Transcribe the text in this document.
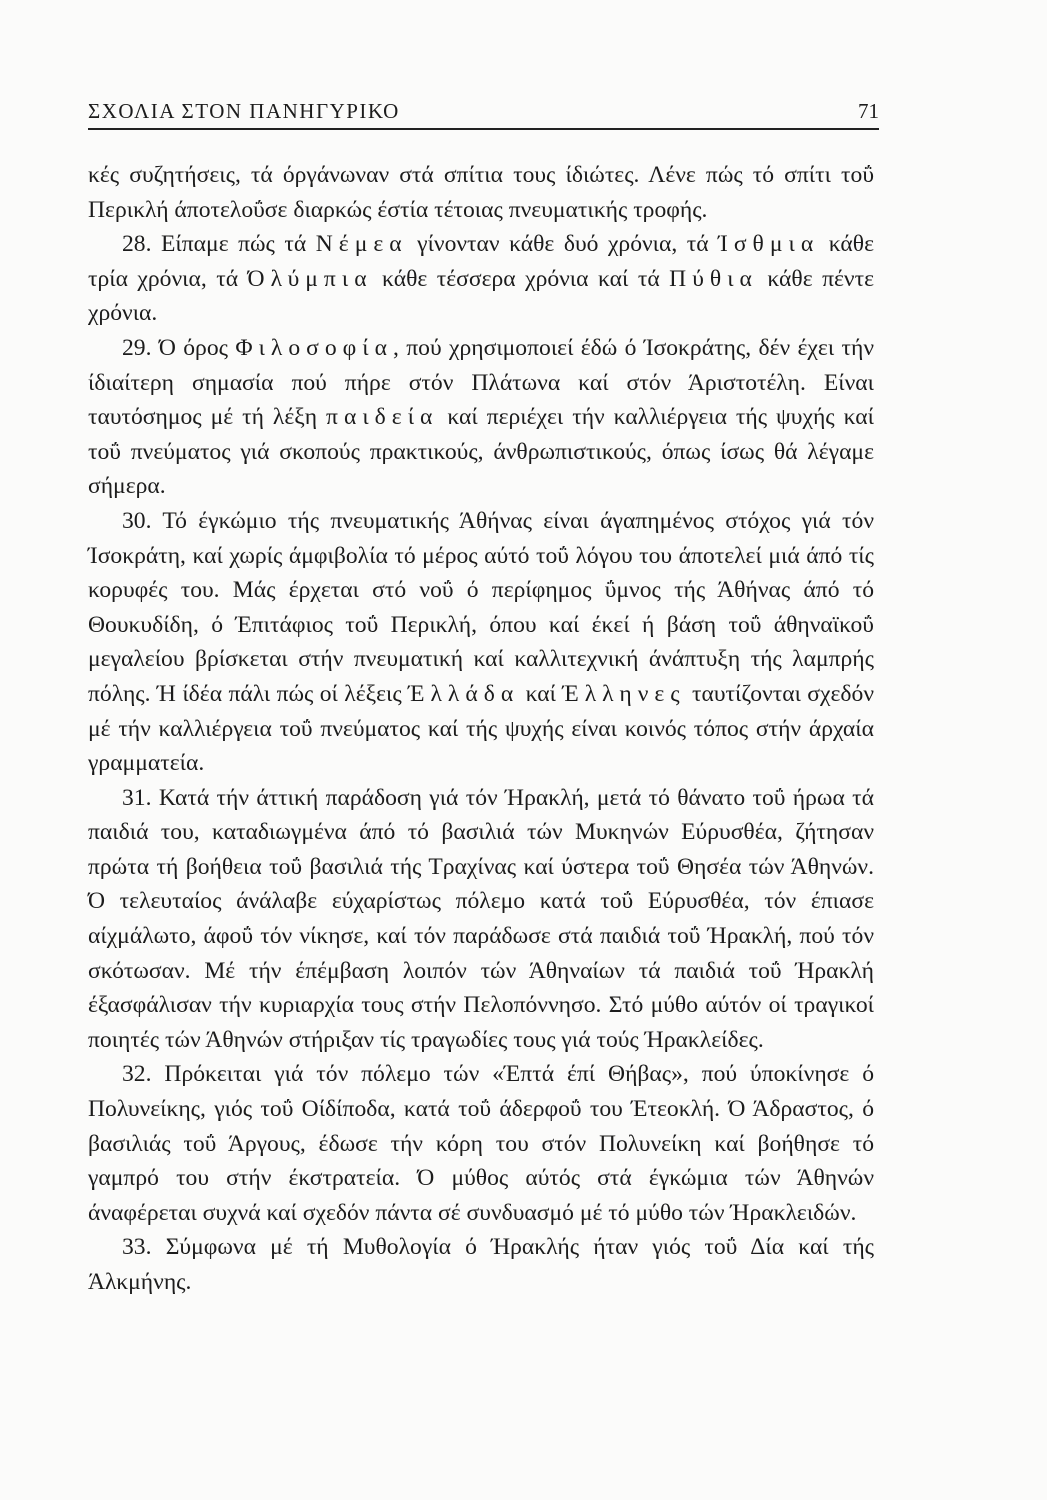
ΣΧΟΛΙΑ ΣΤΟΝ ΠΑΝΗΓΥΡΙΚΟ	71

κές συζητήσεις, τά όργάνωναν στά σπίτια τους ίδιώτες. Λένε πώς τό σπίτι τοΰ Περικλή άποτελοΰσε διαρκώς έστία τέτοιας πνευματικής τροφής.

28. Είπαμε πώς τά Νέμεα γίνονταν κάθε δυό χρόνια, τά Ίσθμια κάθε τρία χρόνια, τά Όλύμπια κάθε τέσσερα χρόνια καί τά Πύθια κάθε πέντε χρόνια.

29. Ό όρος Φιλοσοφία, πού χρησιμοποιεί έδώ ό Ίσοκράτης, δέν έχει τήν ίδιαίτερη σημασία πού πήρε στόν Πλάτωνα καί στόν Άριστοτέλη. Είναι ταυτόσημος μέ τή λέξη παιδεία καί περιέχει τήν καλλιέργεια τής ψυχής καί τοΰ πνεύματος γιά σκοπούς πρακτικούς, άνθρωπιστικούς, όπως ίσως θά λέγαμε σήμερα.

30. Τό έγκώμιο τής πνευματικής Άθήνας είναι άγαπημένος στόχος γιά τόν Ίσοκράτη, καί χωρίς άμφιβολία τό μέρος αύτό τοΰ λόγου του άποτελεί μιά άπό τίς κορυφές του. Μάς έρχεται στό νοΰ ό περίφημος ΰμνος τής Άθήνας άπό τό Θουκυδίδη, ό Έπιτάφιος τοΰ Περικλή, όπου καί έκεί ή βάση τοΰ άθηναϊκοΰ μεγαλείου βρίσκεται στήν πνευματική καί καλλιτεχνική άνάπτυξη τής λαμπρής πόλης. Ή ίδέα πάλι πώς οί λέξεις Έλλάδα καί Έλληνες ταυτίζονται σχεδόν μέ τήν καλλιέργεια τοΰ πνεύματος καί τής ψυχής είναι κοινός τόπος στήν άρχαία γραμματεία.

31. Κατά τήν άττική παράδοση γιά τόν Ήρακλή, μετά τό θάνατο τοΰ ήρωα τά παιδιά του, καταδιωγμένα άπό τό βασιλιά τών Μυκηνών Εύρυσθέα, ζήτησαν πρώτα τή βοήθεια τοΰ βασιλιά τής Τραχίνας καί ύστερα τοΰ Θησέα τών Άθηνών. Ό τελευταίος άνάλαβε εύχαρίστως πόλεμο κατά τοΰ Εύρυσθέα, τόν έπιασε αίχμάλωτο, άφοΰ τόν νίκησε, καί τόν παράδωσε στά παιδιά τοΰ Ήρακλή, πού τόν σκότωσαν. Μέ τήν έπέμβαση λοιπόν τών Άθηναίων τά παιδιά τοΰ Ήρακλή έξασφάλισαν τήν κυριαρχία τους στήν Πελοπόννησο. Στό μύθο αύτόν οί τραγικοί ποιητές τών Άθηνών στήριξαν τίς τραγωδίες τους γιά τούς Ήρακλείδες.

32. Πρόκειται γιά τόν πόλεμο τών «Έπτά έπί Θήβας», πού ύποκίνησε ό Πολυνείκης, γιός τοΰ Οίδίποδα, κατά τοΰ άδερφοΰ του Έτεοκλή. Ό Άδραστος, ό βασιλιάς τοΰ Άργους, έδωσε τήν κόρη του στόν Πολυνείκη καί βοήθησε τό γαμπρό του στήν έκστρατεία. Ό μύθος αύτός στά έγκώμια τών Άθηνών άναφέρεται συχνά καί σχεδόν πάντα σέ συνδυασμό μέ τό μύθο τών Ήρακλειδών.

33. Σύμφωνα μέ τή Μυθολογία ό Ήρακλής ήταν γιός τοΰ Δία καί τής Άλκμήνης.
